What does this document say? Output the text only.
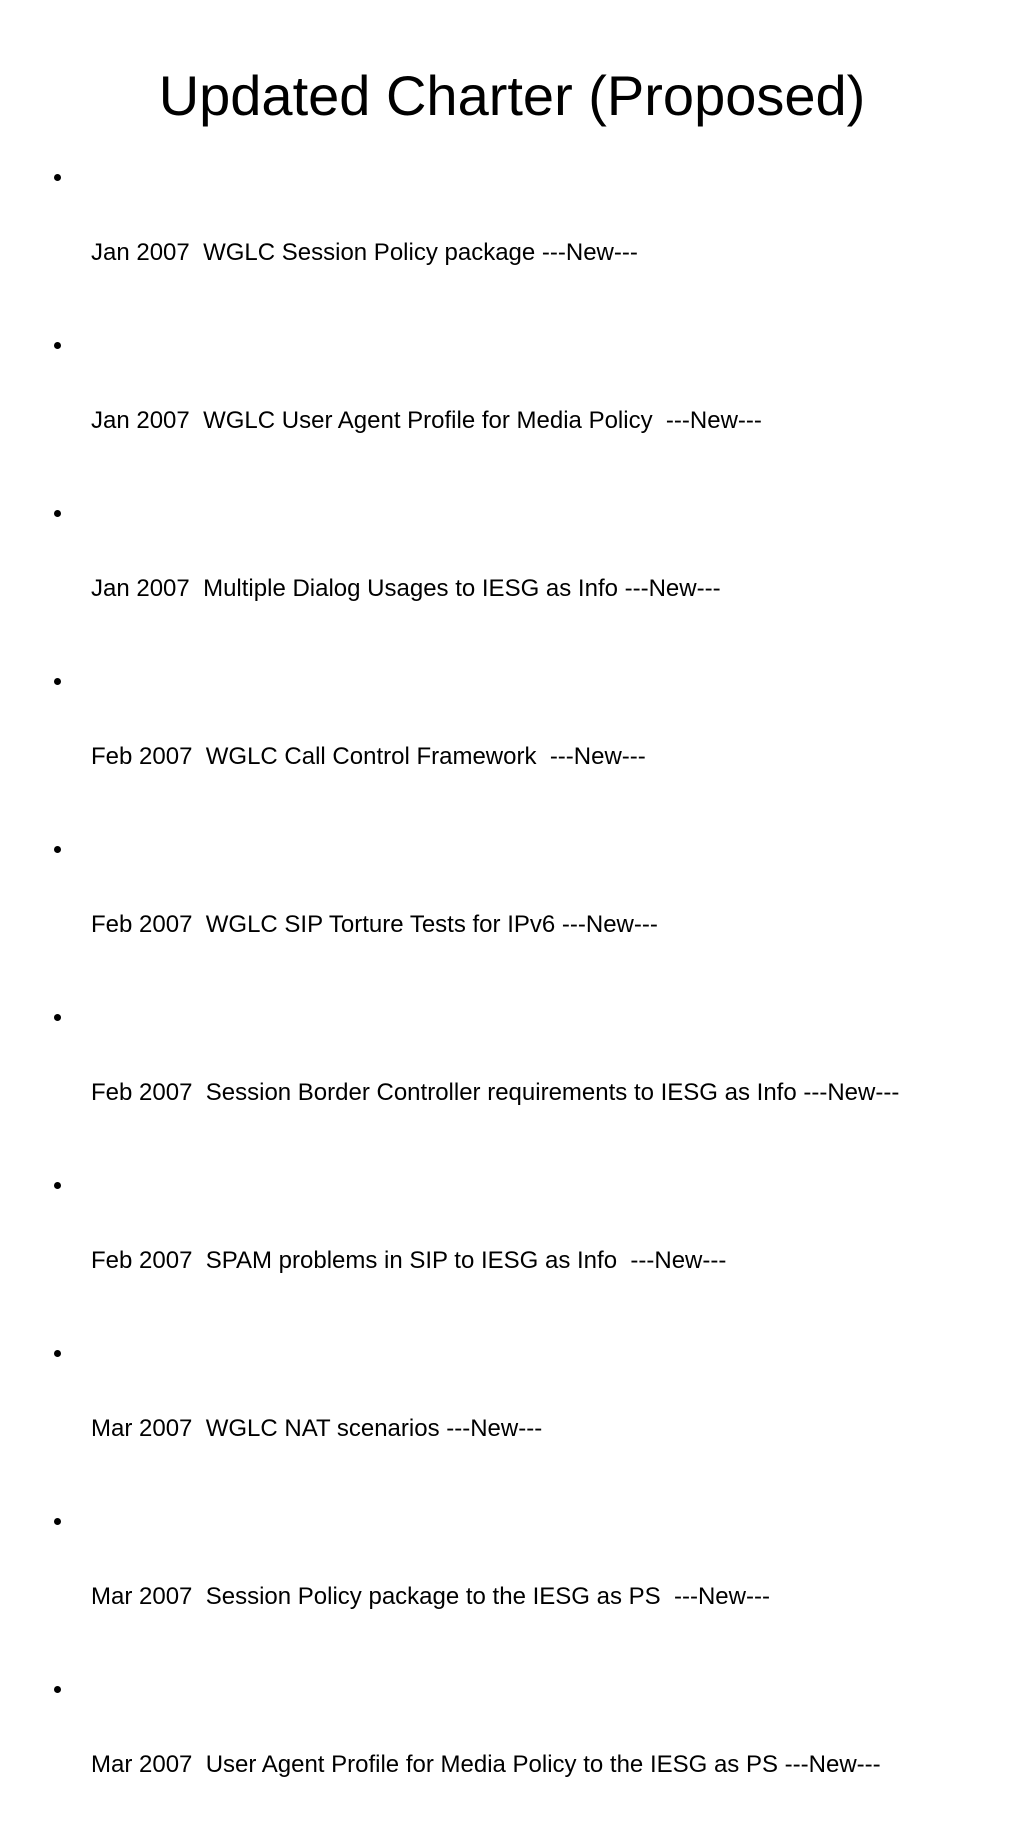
Updated Charter (Proposed)

Jan 2007  WGLC Session Policy package ---New---

Jan 2007  WGLC User Agent Profile for Media Policy  ---New---

Jan 2007  Multiple Dialog Usages to IESG as Info ---New---

Feb 2007  WGLC Call Control Framework  ---New---

Feb 2007  WGLC SIP Torture Tests for IPv6 ---New---

Feb 2007  Session Border Controller requirements to IESG as Info ---New---

Feb 2007  SPAM problems in SIP to IESG as Info  ---New---

Mar 2007  WGLC NAT scenarios ---New---

Mar 2007  Session Policy package to the IESG as PS  ---New---

Mar 2007  User Agent Profile for Media Policy to the IESG as PS ---New---
